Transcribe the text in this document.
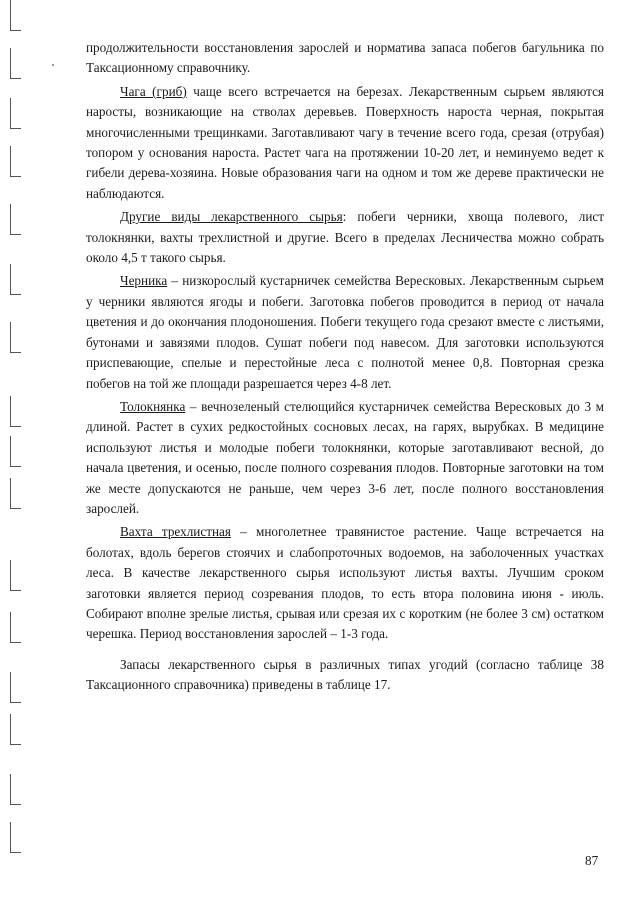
продолжительности восстановления зарослей и норматива запаса побегов багульника по Таксационному справочнику.

Чага (гриб) чаще всего встречается на березах. Лекарственным сырьем являются наросты, возникающие на стволах деревьев. Поверхность нароста черная, покрытая многочисленными трещинками. Заготавливают чагу в течение всего года, срезая (отрубая) топором у основания нароста. Растет чага на протяжении 10-20 лет, и неминуемо ведет к гибели дерева-хозяина. Новые образования чаги на одном и том же дереве практически не наблюдаются.

Другие виды лекарственного сырья: побеги черники, хвоща полевого, лист толокнянки, вахты трехлистной и другие. Всего в пределах Лесничества можно собрать около 4,5 т такого сырья.

Черника – низкорослый кустарничек семейства Вересковых. Лекарственным сырьем у черники являются ягоды и побеги. Заготовка побегов проводится в период от начала цветения и до окончания плодоношения. Побеги текущего года срезают вместе с листьями, бутонами и завязями плодов. Сушат побеги под навесом. Для заготовки используются приспевающие, спелые и перестойные леса с полнотой менее 0,8. Повторная срезка побегов на той же площади разрешается через 4-8 лет.

Толокнянка – вечнозеленый стелющийся кустарничек семейства Вересковых до 3 м длиной. Растет в сухих редкостойных сосновых лесах, на гарях, вырубках. В медицине используют листья и молодые побеги толокнянки, которые заготавливают весной, до начала цветения, и осенью, после полного созревания плодов. Повторные заготовки на том же месте допускаются не раньше, чем через 3-6 лет, после полного восстановления зарослей.

Вахта трехлистная – многолетнее травянистое растение. Чаще встречается на болотах, вдоль берегов стоячих и слабопроточных водоемов, на заболоченных участках леса. В качестве лекарственного сырья используют листья вахты. Лучшим сроком заготовки является период созревания плодов, то есть втора половина июня - июль. Собирают вполне зрелые листья, срывая или срезая их с коротким (не более 3 см) остатком черешка. Период восстановления зарослей – 1-3 года.

Запасы лекарственного сырья в различных типах угодий (согласно таблице 38 Таксационного справочника) приведены в таблице 17.

87
